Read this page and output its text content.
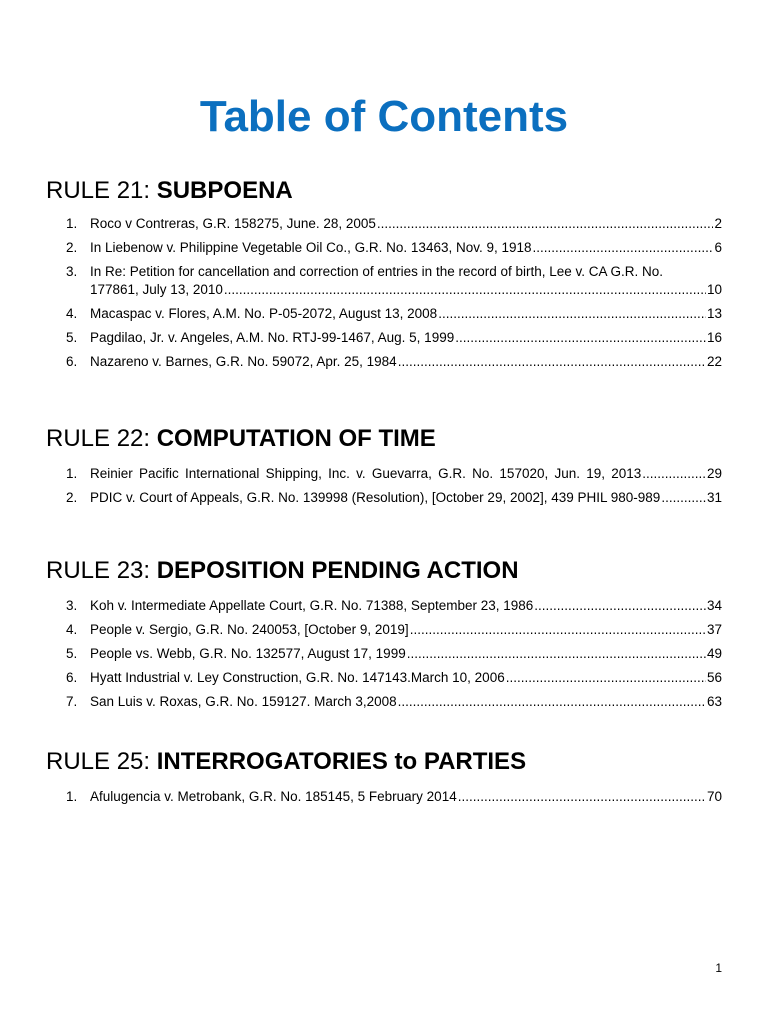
Table of Contents
RULE 21: SUBPOENA
1. Roco v Contreras, G.R. 158275, June. 28, 2005 .....	2
2. In Liebenow v. Philippine Vegetable Oil Co., G.R. No. 13463, Nov. 9, 1918 .....	6
3. In Re: Petition for cancellation and correction of entries in the record of birth, Lee v. CA G.R. No.
177861, July 13, 2010 .....	10
4. Macaspac v. Flores, A.M. No. P-05-2072, August 13, 2008 .....	13
5. Pagdilao, Jr. v. Angeles, A.M. No. RTJ-99-1467, Aug. 5, 1999 .....	16
6. Nazareno v. Barnes, G.R. No. 59072, Apr. 25, 1984 .....	22
RULE 22: COMPUTATION OF TIME
1. Reinier Pacific International Shipping, Inc. v. Guevarra, G.R. No. 157020, Jun. 19, 2013 .....	29
2. PDIC v. Court of Appeals, G.R. No. 139998 (Resolution), [October 29, 2002], 439 PHIL 980-989 .....	31
RULE 23: DEPOSITION PENDING ACTION
3. Koh v. Intermediate Appellate Court, G.R. No. 71388, September 23, 1986 .....	34
4. People v. Sergio, G.R. No. 240053, [October 9, 2019] .....	37
5. People vs. Webb, G.R. No. 132577, August 17, 1999 .....	49
6. Hyatt Industrial v. Ley Construction, G.R. No. 147143.March 10, 2006 .....	56
7. San Luis v. Roxas, G.R. No. 159127. March 3,2008 .....	63
RULE 25: INTERROGATORIES to PARTIES
1. Afulugencia v. Metrobank, G.R. No. 185145, 5 February 2014 .....	70
1
